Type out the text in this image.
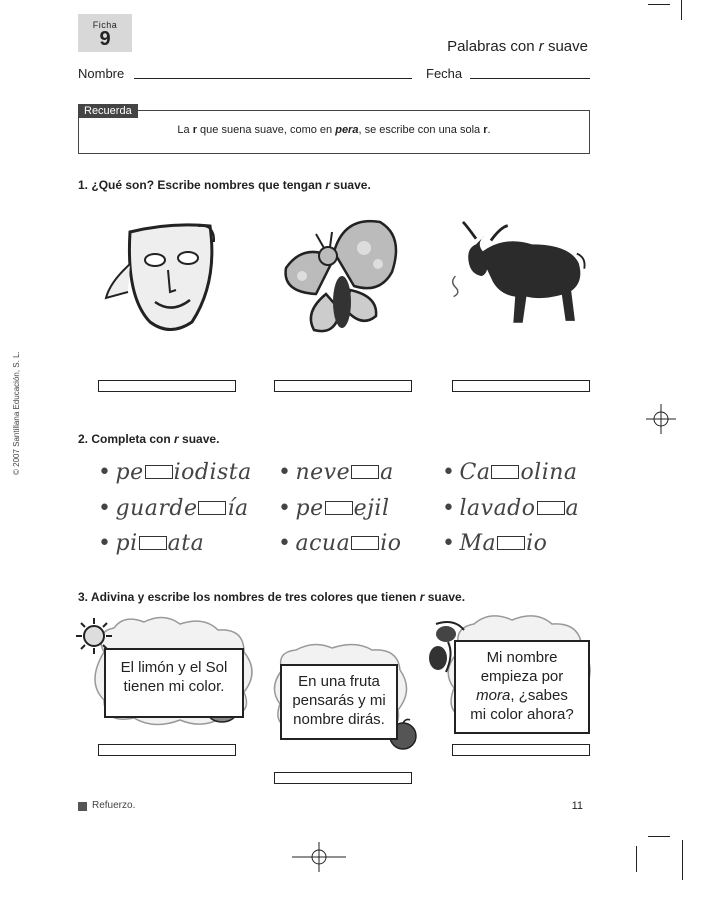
© 2007 Santillana Educación, S. L.
Ficha
9	Palabras con r suave
Nombre	Fecha
Recuerda
La r que suena suave, como en pera, se escribe con una sola r.
1. ¿Qué son? Escribe nombres que tengan r suave.
2. Completa con r suave.
• pe iodista • neve a • Ca olina
• guarde ía • pe ejil • lavado a
• pi ata	• acua io • Ma io
3. Adivina y escribe los nombres de tres colores que tienen r suave.
El limón y el Sol
tienen mi color.	En una fruta
pensarás y mi
nombre dirás.
Mi nombre
empieza por
mora, ¿sabes
mi color ahora?
Refuerzo.	11
